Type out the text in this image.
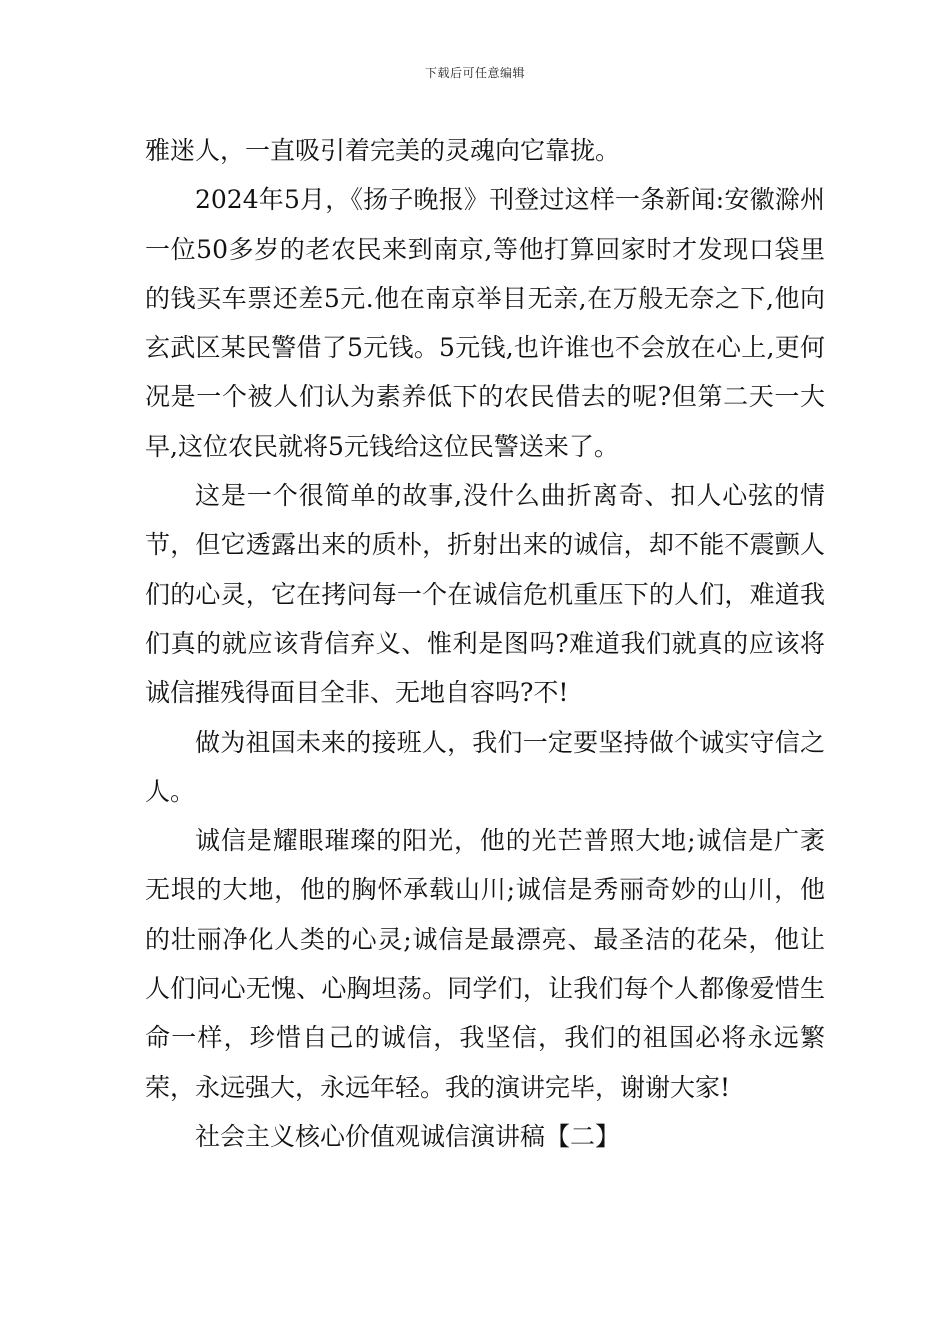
下载后可任意编辑

雅迷人，一直吸引着完美的灵魂向它靠拢。

2024年5月，《扬子晚报》刊登过这样一条新闻:安徽滁州一位50多岁的老农民来到南京,等他打算回家时才发现口袋里的钱买车票还差5元.他在南京举目无亲,在万般无奈之下,他向玄武区某民警借了5元钱。5元钱,也许谁也不会放在心上,更何况是一个被人们认为素养低下的农民借去的呢?但第二天一大早,这位农民就将5元钱给这位民警送来了。

这是一个很简单的故事,没什么曲折离奇、扣人心弦的情节，但它透露出来的质朴，折射出来的诚信，却不能不震颤人们的心灵，它在拷问每一个在诚信危机重压下的人们，难道我们真的就应该背信弃义、惟利是图吗?难道我们就真的应该将诚信摧残得面目全非、无地自容吗?不!

做为祖国未来的接班人，我们一定要坚持做个诚实守信之人。

诚信是耀眼璀璨的阳光，他的光芒普照大地;诚信是广袤无垠的大地，他的胸怀承载山川;诚信是秀丽奇妙的山川，他的壮丽净化人类的心灵;诚信是最漂亮、最圣洁的花朵，他让人们问心无愧、心胸坦荡。同学们，让我们每个人都像爱惜生命一样，珍惜自己的诚信，我坚信，我们的祖国必将永远繁荣，永远强大，永远年轻。我的演讲完毕，谢谢大家!

社会主义核心价值观诚信演讲稿【二】
